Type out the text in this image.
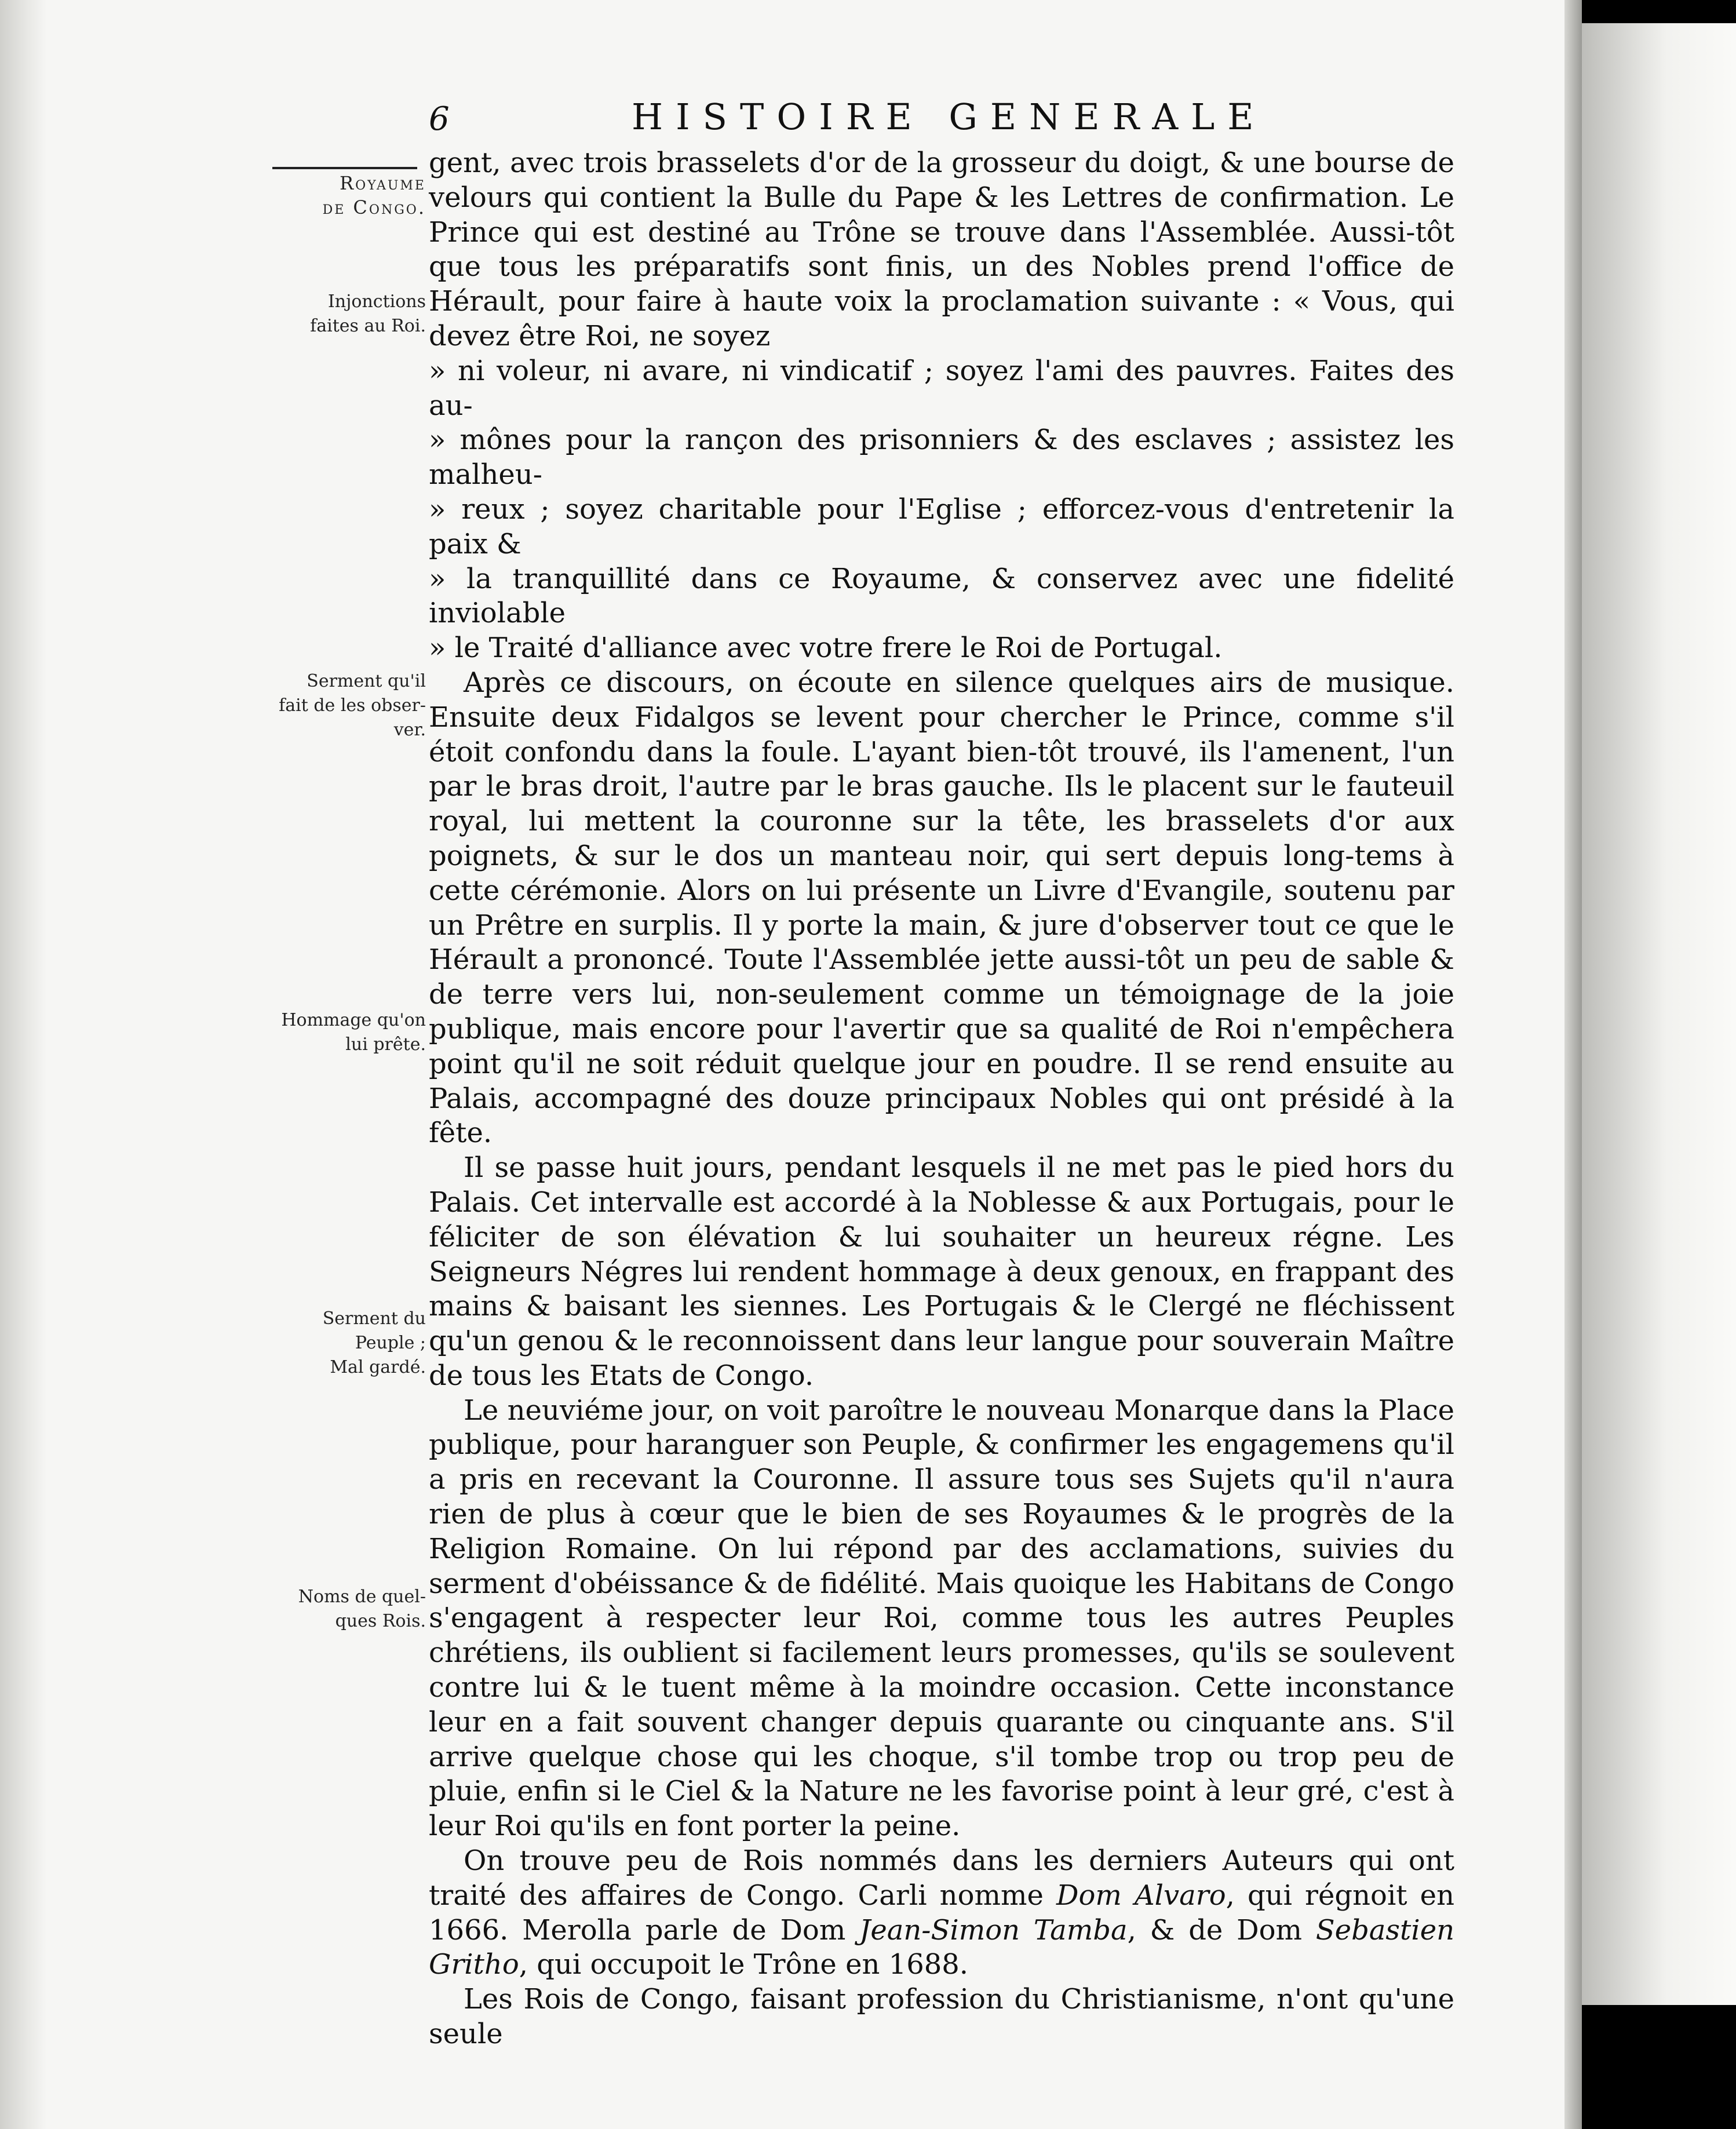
6	HISTOIRE GENERALE
Royaume
de Congo.
Injonctions
faites au Roi.
Serment qu'il
fait de les obser-
ver.
Hommage qu'on
lui prête.
Serment du
Peuple ;
Mal gardé.
Noms de quel-
ques Rois.

gent, avec trois brasselets d'or de la grosseur du doigt, & une bourse de velours qui contient la Bulle du Pape & les Lettres de confirmation. Le Prince qui est destiné au Trône se trouve dans l'Assemblée. Aussi-tôt que tous les préparatifs sont finis, un des Nobles prend l'office de Hérault, pour faire à haute voix la proclamation suivante : « Vous, qui devez être Roi, ne soyez
» ni voleur, ni avare, ni vindicatif ; soyez l'ami des pauvres. Faites des au-
» mônes pour la rançon des prisonniers & des esclaves ; assistez les malheu-
» reux ; soyez charitable pour l'Eglise ; efforcez-vous d'entretenir la paix &
» la tranquillité dans ce Royaume, & conservez avec une fidelité inviolable
» le Traité d'alliance avec votre frere le Roi de Portugal.

Après ce discours, on écoute en silence quelques airs de musique. Ensuite deux Fidalgos se levent pour chercher le Prince, comme s'il étoit confondu dans la foule. L'ayant bien-tôt trouvé, ils l'amenent, l'un par le bras droit, l'autre par le bras gauche. Ils le placent sur le fauteuil royal, lui mettent la couronne sur la tête, les brasselets d'or aux poignets, & sur le dos un manteau noir, qui sert depuis long-tems à cette cérémonie. Alors on lui présente un Livre d'Evangile, soutenu par un Prêtre en surplis. Il y porte la main, & jure d'observer tout ce que le Hérault a prononcé. Toute l'Assemblée jette aussi-tôt un peu de sable & de terre vers lui, non-seulement comme un témoignage de la joie publique, mais encore pour l'avertir que sa qualité de Roi n'empêchera point qu'il ne soit réduit quelque jour en poudre. Il se rend ensuite au Palais, accompagné des douze principaux Nobles qui ont présidé à la fête.

Il se passe huit jours, pendant lesquels il ne met pas le pied hors du Palais. Cet intervalle est accordé à la Noblesse & aux Portugais, pour le féliciter de son élévation & lui souhaiter un heureux régne. Les Seigneurs Négres lui rendent hommage à deux genoux, en frappant des mains & baisant les siennes. Les Portugais & le Clergé ne fléchissent qu'un genou & le reconnoissent dans leur langue pour souverain Maître de tous les Etats de Congo.

Le neuviéme jour, on voit paroître le nouveau Monarque dans la Place publique, pour haranguer son Peuple, & confirmer les engagemens qu'il a pris en recevant la Couronne. Il assure tous ses Sujets qu'il n'aura rien de plus à cœur que le bien de ses Royaumes & le progrès de la Religion Romaine. On lui répond par des acclamations, suivies du serment d'obéissance & de fidélité. Mais quoique les Habitans de Congo s'engagent à respecter leur Roi, comme tous les autres Peuples chrétiens, ils oublient si facilement leurs promesses, qu'ils se soulevent contre lui & le tuent même à la moindre occasion. Cette inconstance leur en a fait souvent changer depuis quarante ou cinquante ans. S'il arrive quelque chose qui les choque, s'il tombe trop ou trop peu de pluie, enfin si le Ciel & la Nature ne les favorise point à leur gré, c'est à leur Roi qu'ils en font porter la peine.

On trouve peu de Rois nommés dans les derniers Auteurs qui ont traité des affaires de Congo. Carli nomme Dom Alvaro, qui régnoit en 1666. Merolla parle de Dom Jean-Simon Tamba, & de Dom Sebastien Gritho, qui occupoit le Trône en 1688.

Les Rois de Congo, faisant profession du Christianisme, n'ont qu'une seule
